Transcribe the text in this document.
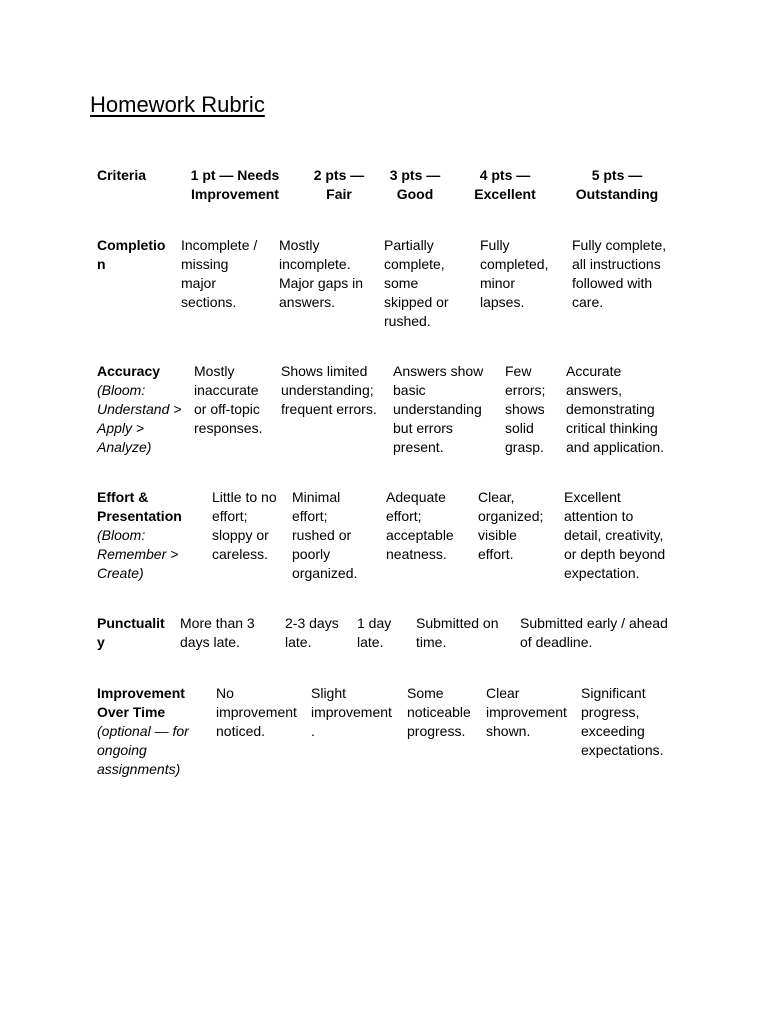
Homework Rubric
Criteria	1 pt — Needs
Improvement
2 pts —
Fair
3 pts —
Good
4 pts —
Excellent
5 pts —
Outstanding
Completio
n
Incomplete /
missing
major
sections.
Mostly
incomplete.
Major gaps in
answers.
Partially
complete,
some
skipped or
rushed.
Fully
completed,
minor
lapses.
Fully complete,
all instructions
followed with
care.
Accuracy
(Bloom:
Understand >
Apply >
Analyze)
Mostly
inaccurate
or off-topic
responses.
Shows limited
understanding;
frequent errors.
Answers show
basic
understanding
but errors
present.
Few
errors;
shows
solid
grasp.
Accurate
answers,
demonstrating
critical thinking
and application.
Effort &
Presentation
(Bloom:
Remember >
Create)
Little to no
effort;
sloppy or
careless.
Minimal
effort;
rushed or
poorly
organized.
Adequate
effort;
acceptable
neatness.
Clear,
organized;
visible
effort.
Excellent
attention to
detail, creativity,
or depth beyond
expectation.
Punctualit
y
More than 3
days late.
2-3 days
late.
1 day
late.
Submitted on
time.
Submitted early / ahead
of deadline.
Improvement
Over Time
(optional — for
ongoing
assignments)
No
improvement
noticed.
Slight
improvement
.
Some
noticeable
progress.
Clear
improvement
shown.
Significant
progress,
exceeding
expectations.
